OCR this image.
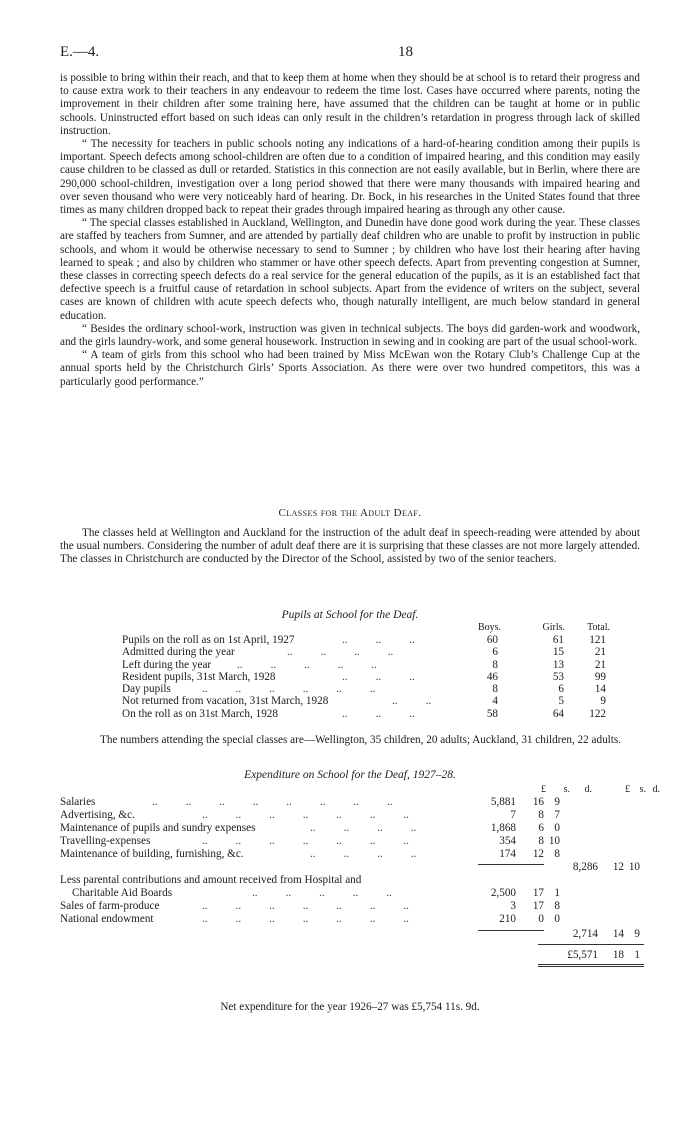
E.—4.	18

is possible to bring within their reach, and that to keep them at home when they should be at school is to retard their progress and to cause extra work to their teachers in any endeavour to redeem the time lost. Cases have occurred where parents, noting the improvement in their children after some training here, have assumed that the children can be taught at home or in public schools. Uninstructed effort based on such ideas can only result in the children’s retardation in progress through lack of skilled instruction.

“ The necessity for teachers in public schools noting any indications of a hard-of-hearing condition among their pupils is important. Speech defects among school-children are often due to a condition of impaired hearing, and this condition may easily cause children to be classed as dull or retarded. Statistics in this connection are not easily available, but in Berlin, where there are 290,000 school-children, investigation over a long period showed that there were many thousands with impaired hearing and over seven thousand who were very noticeably hard of hearing. Dr. Bock, in his researches in the United States found that three times as many children dropped back to repeat their grades through impaired hearing as through any other cause.

“ The special classes established in Auckland, Wellington, and Dunedin have done good work during the year. These classes are staffed by teachers from Sumner, and are attended by partially deaf children who are unable to profit by instruction in public schools, and whom it would be otherwise necessary to send to Sumner ; by children who have lost their hearing after having learned to speak ; and also by children who stammer or have other speech defects. Apart from preventing congestion at Sumner, these classes in correcting speech defects do a real service for the general education of the pupils, as it is an established fact that defective speech is a fruitful cause of retardation in school subjects. Apart from the evidence of writers on the subject, several cases are known of children with acute speech defects who, though naturally intelligent, are much below standard in general education.

“ Besides the ordinary school-work, instruction was given in technical subjects. The boys did garden-work and woodwork, and the girls laundry-work, and some general housework. Instruction in sewing and in cooking are part of the usual school-work.

“ A team of girls from this school who had been trained by Miss McEwan won the Rotary Club’s Challenge Cup at the annual sports held by the Christchurch Girls’ Sports Association. As there were over two hundred competitors, this was a particularly good performance.”

Classes for the Adult Deaf.

The classes held at Wellington and Auckland for the instruction of the adult deaf in speech-reading were attended by about the usual numbers. Considering the number of adult deaf there are it is surprising that these classes are not more largely attended. The classes in Christchurch are conducted by the Director of the School, assisted by two of the senior teachers.

Pupils at School for the Deaf.
Boys.	Girls.	Total.
Pupils on the roll as on 1st April, 1927	..          ..          ..	60	61	121
Admitted during the year	..          ..          ..          ..	6	15	21
Left during the year ..          ..          ..          ..          ..	8	13	21
Resident pupils, 31st March, 1928	..          ..          ..	46	53	99
Day pupils	..          ..          ..          ..          ..          ..	8	6	14
Not returned from vacation, 31st March, 1928	..          ..	4	5	9
On the roll as on 31st March, 1928	..          ..          ..	58	64	122

The numbers attending the special classes are—Wellington, 35 children, 20 adults; Auckland, 31 children, 22 adults.

Expenditure on School for the Deaf, 1927–28.
£	s.	d.	£ s. d.
Salaries	..          ..          ..          ..          ..          ..          ..          ..	5,881	16 9
Advertising, &c.	..          ..          ..          ..          ..          ..          ..	7	8 7
Maintenance of pupils and sundry expenses	..          ..          ..          ..	1,868	6 0
Travelling-expenses	..          ..          ..          ..          ..          ..          ..	354	8 10
Maintenance of building, furnishing, &c.	..          ..          ..          ..	174	12 8
8,286	12 10
Less parental contributions and amount received from Hospital and
Charitable Aid Boards	..          ..          ..          ..          ..	2,500	17 1
Sales of farm-produce	..          ..          ..          ..          ..          ..          ..	3	17 8
National endowment	..          ..          ..          ..          ..          ..          ..	210	0 0
2,714	14 9
£5,571	18 1
Net expenditure for the year 1926–27 was £5,754 11s. 9d.
